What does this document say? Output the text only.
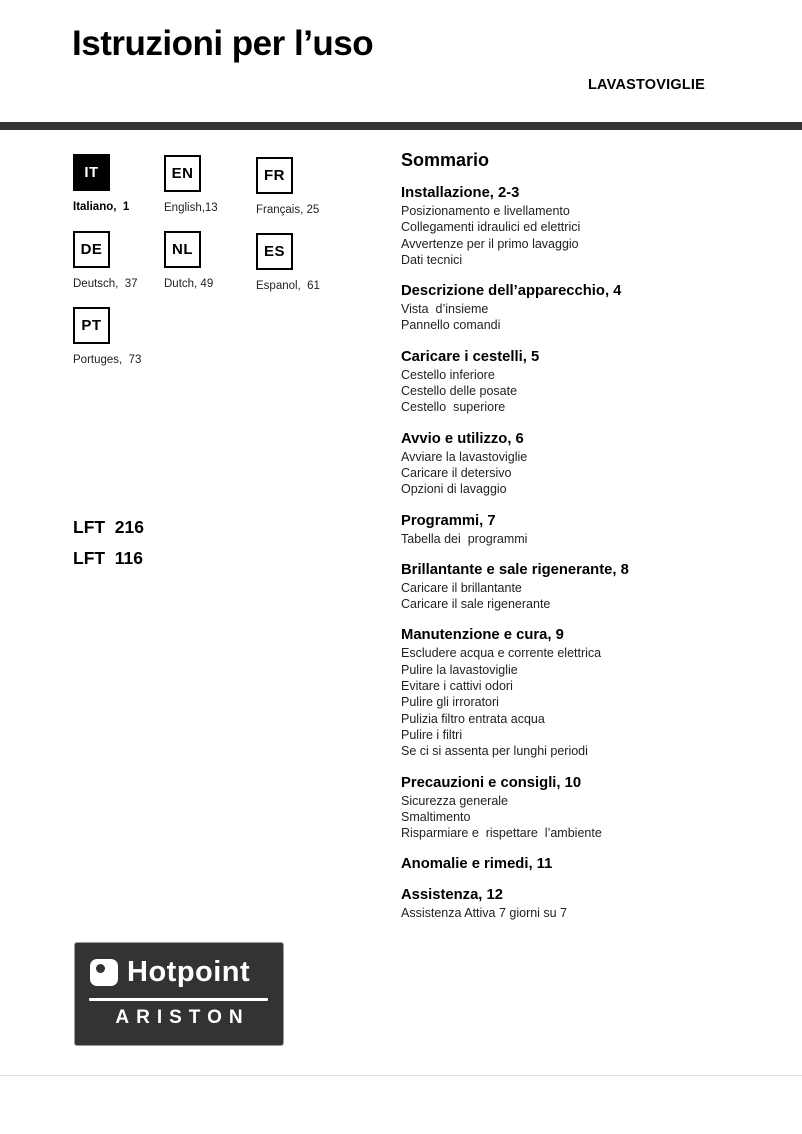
Istruzioni per l’uso
LAVASTOVIGLIE
IT
Italiano,  1
EN
English,13
FR
Français, 25
DE
Deutsch,  37
NL
Dutch, 49
ES
Espanol,  61
PT
Portuges,  73
LFT  216
LFT  116
Sommario
Installazione, 2-3
Posizionamento e livellamento
Collegamenti idraulici ed elettrici
Avvertenze per il primo lavaggio
Dati tecnici
Descrizione dell’apparecchio, 4
Vista  d’insieme
Pannello comandi
Caricare i cestelli, 5
Cestello inferiore
Cestello delle posate
Cestello  superiore
Avvio e utilizzo, 6
Avviare la lavastoviglie
Caricare il detersivo
Opzioni di lavaggio
Programmi, 7
Tabella dei  programmi
Brillantante e sale rigenerante, 8
Caricare il brillantante
Caricare il sale rigenerante
Manutenzione e cura, 9
Escludere acqua e corrente elettrica
Pulire la lavastoviglie
Evitare i cattivi odori
Pulire gli irroratori
Pulizia filtro entrata acqua
Pulire i filtri
Se ci si assenta per lunghi periodi
Precauzioni e consigli, 10
Sicurezza generale
Smaltimento
Risparmiare e  rispettare  l’ambiente
Anomalie e rimedi, 11
Assistenza, 12
Assistenza Attiva 7 giorni su 7
Hotpoint
ARISTON
